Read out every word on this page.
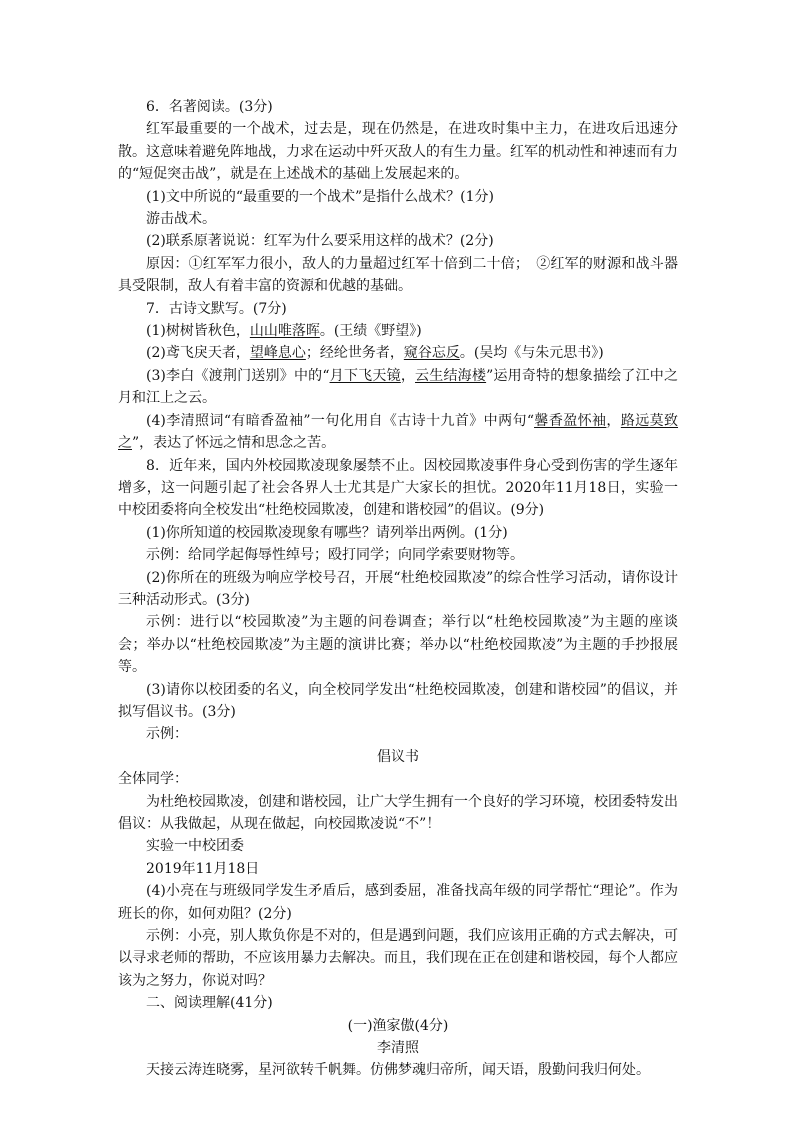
6．名著阅读。(3分)

红军最重要的一个战术，过去是，现在仍然是，在进攻时集中主力，在进攻后迅速分散。这意味着避免阵地战，力求在运动中歼灭敌人的有生力量。红军的机动性和神速而有力的“短促突击战”，就是在上述战术的基础上发展起来的。

(1)文中所说的“最重要的一个战术”是指什么战术？(1分)

游击战术。

(2)联系原著说说：红军为什么要采用这样的战术？(2分)

原因：①红军军力很小，敌人的力量超过红军十倍到二十倍；　②红军的财源和战斗器具受限制，敌人有着丰富的资源和优越的基础。

7．古诗文默写。(7分)

(1)树树皆秋色，山山唯落晖。(王绩《野望》)

(2)鸢飞戾天者，望峰息心；经纶世务者，窥谷忘反。(吴均《与朱元思书》)

(3)李白《渡荆门送别》中的“月下飞天镜，云生结海楼”运用奇特的想象描绘了江中之月和江上之云。

(4)李清照词“有暗香盈袖”一句化用自《古诗十九首》中两句“馨香盈怀袖，路远莫致之”，表达了怀远之情和思念之苦。

8．近年来，国内外校园欺凌现象屡禁不止。因校园欺凌事件身心受到伤害的学生逐年增多，这一问题引起了社会各界人士尤其是广大家长的担忧。2020年11月18日，实验一中校团委将向全校发出“杜绝校园欺凌，创建和谐校园”的倡议。(9分)

(1)你所知道的校园欺凌现象有哪些？请列举出两例。(1分)

示例：给同学起侮辱性绰号；殴打同学；向同学索要财物等。

(2)你所在的班级为响应学校号召，开展“杜绝校园欺凌”的综合性学习活动，请你设计三种活动形式。(3分)

示例：进行以“校园欺凌”为主题的问卷调查；举行以“杜绝校园欺凌”为主题的座谈会；举办以“杜绝校园欺凌”为主题的演讲比赛；举办以“杜绝校园欺凌”为主题的手抄报展等。

(3)请你以校团委的名义，向全校同学发出“杜绝校园欺凌，创建和谐校园”的倡议，并拟写倡议书。(3分)

示例：

倡议书

全体同学：

为杜绝校园欺凌，创建和谐校园，让广大学生拥有一个良好的学习环境，校团委特发出倡议：从我做起，从现在做起，向校园欺凌说“不”！

实验一中校团委

2019年11月18日

(4)小亮在与班级同学发生矛盾后，感到委屈，准备找高年级的同学帮忙“理论”。作为班长的你，如何劝阻？(2分)

示例：小亮，别人欺负你是不对的，但是遇到问题，我们应该用正确的方式去解决，可以寻求老师的帮助，不应该用暴力去解决。而且，我们现在正在创建和谐校园，每个人都应该为之努力，你说对吗？

二、阅读理解(41分)

(一)渔家傲(4分)

李清照

天接云涛连晓雾，星河欲转千帆舞。仿佛梦魂归帝所，闻天语，殷勤问我归何处。
